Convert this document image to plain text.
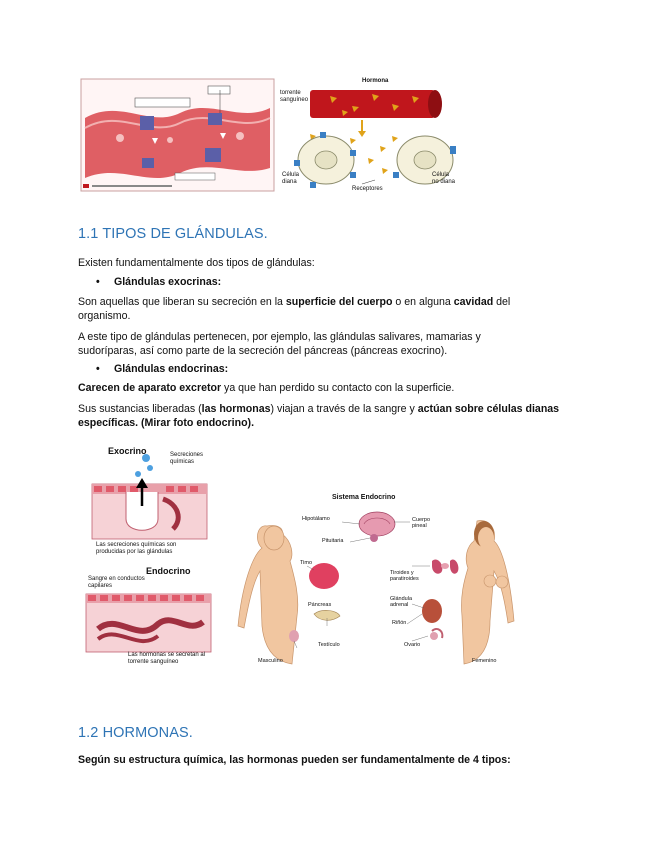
Hormona
torrente
sanguíneo
Célula
diana
Célula
no diana
Receptores
1.1 TIPOS DE GLÁNDULAS.

Existen fundamentalmente dos tipos de glándulas:

• Glándulas exocrinas:

Son aquellas que liberan su secreción en la superficie del cuerpo o en alguna cavidad del
organismo.

A este tipo de glándulas pertenecen, por ejemplo, las glándulas salivares, mamarias y
sudoríparas, así como parte de la secreción del páncreas (páncreas exocrino).

• Glándulas endocrinas:

Carecen de aparato excretor ya que han perdido su contacto con la superficie.

Sus sustancias liberadas (las hormonas) viajan a través de la sangre y actúan sobre células dianas
específicas. (Mirar foto endocrino).

Exocrino	Secreciones químicas
Las secreciones químicas son producidas por las glándulas
Endocrino
Sangre en conductos capilares
Las hormonas se secretan al torrente sanguíneo
Sistema Endocrino
Hipotálamo	Cuerpo pineal
Pituitaria
Tiroides y paratiroides
Timo
Glándula adrenal
Páncreas
Riñón
Ovario
Testículo
Masculino	Femenino
1.2 HORMONAS.

Según su estructura química, las hormonas pueden ser fundamentalmente de 4 tipos:
